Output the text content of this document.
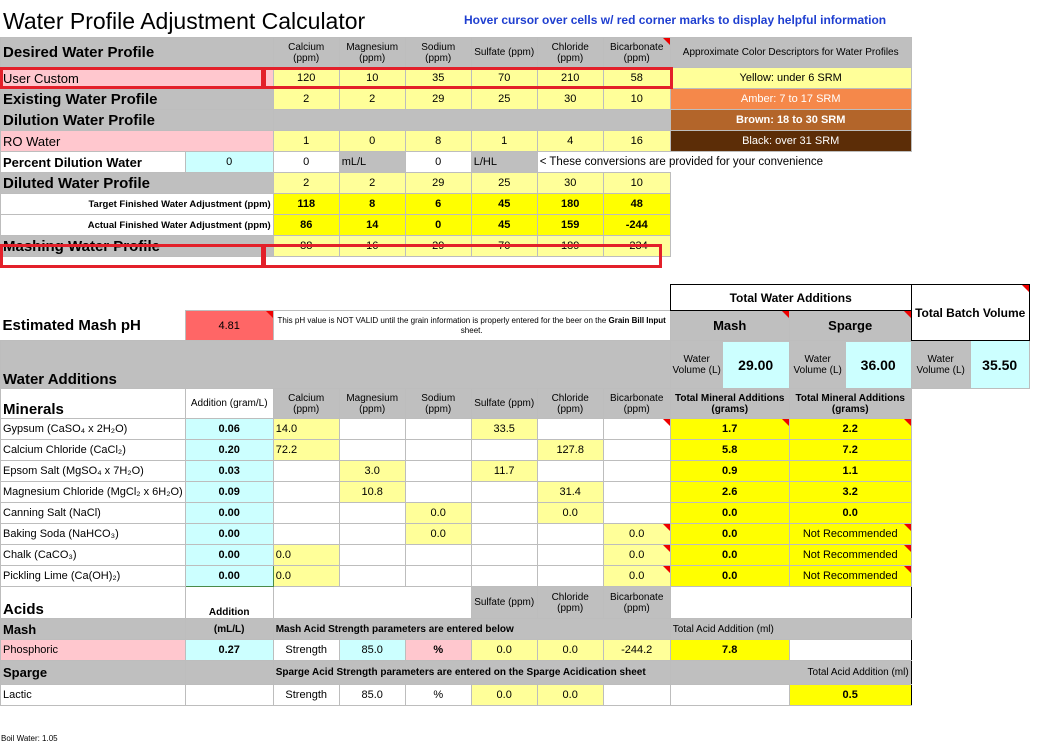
Water Profile Adjustment Calculator	Hover cursor over cells w/ red corner marks to display helpful information
Desired Water Profile		Calcium (ppm)	Magnesium (ppm)	Sodium (ppm)	Sulfate (ppm)	Chloride (ppm)	Bicarbonate (ppm)	Approximate Color Descriptors for Water Profiles			
User Custom		120	10	35	70	210	58	Yellow: under 6 SRM			
Existing Water Profile		2	2	29	25	30	10	Amber: 7 to 17 SRM			
Dilution Water Profile								Brown: 18 to 30 SRM			
RO Water		1	0	8	1	4	16	Black: over 31 SRM			
Percent Dilution Water	0	0	mL/L	0	L/HL	< These conversions are provided for your convenience					
Diluted Water Profile		2	2	29	25	30	10				
Target Finished Water Adjustment (ppm)		118	8	6	45	180	48				
Actual Finished Water Adjustment (ppm)		86	14	0	45	159	-244				
Mashing Water Profile		88	16	29	70	189	-234				

								Total Water Additions		Total Batch Volume	
Estimated Mash pH	4.81	This pH value is NOT VALID until the grain information is properly entered for the beer on the Grain Bill Input sheet.						Mash	Sparge		
Water Additions								Water Volume (L) 29.00	Water Volume (L) 36.00	Water Volume (L)	35.50
Minerals	Addition (gram/L)	Calcium (ppm)	Magnesium (ppm)	Sodium (ppm)	Sulfate (ppm)	Chloride (ppm)	Bicarbonate (ppm)	Total Mineral Additions (grams)	Total Mineral Additions (grams)		
Gypsum (CaSO₄ x 2H₂O)	0.06	14.0			33.5			1.7	2.2		
Calcium Chloride (CaCl₂)	0.20	72.2				127.8		5.8	7.2		
Epsom Salt (MgSO₄ x 7H₂O)	0.03		3.0		11.7			0.9	1.1		
Magnesium Chloride (MgCl₂ x 6H₂O)	0.09		10.8			31.4		2.6	3.2		
Canning Salt (NaCl)	0.00			0.0		0.0		0.0	0.0		
Baking Soda (NaHCO₃)	0.00			0.0			0.0	0.0	Not Recommended		
Chalk (CaCO₃)	0.00	0.0					0.0	0.0	Not Recommended		
Pickling Lime (Ca(OH)₂)	0.00	0.0					0.0	0.0	Not Recommended		
Acids	Addition				Sulfate (ppm)	Chloride (ppm)	Bicarbonate (ppm)				
Mash	(mL/L)	Mash Acid Strength parameters are entered below						Total Acid Addition (ml)			
Phosphoric	0.27	Strength	85.0	%	0.0	0.0	-244.2	7.8			
Sparge		Sparge Acid Strength parameters are entered on the Sparge Acidication sheet						Total Acid Addition (ml)			
Lactic		Strength	85.0	%	0.0	0.0			0.5		
Boil Water: 1.05
